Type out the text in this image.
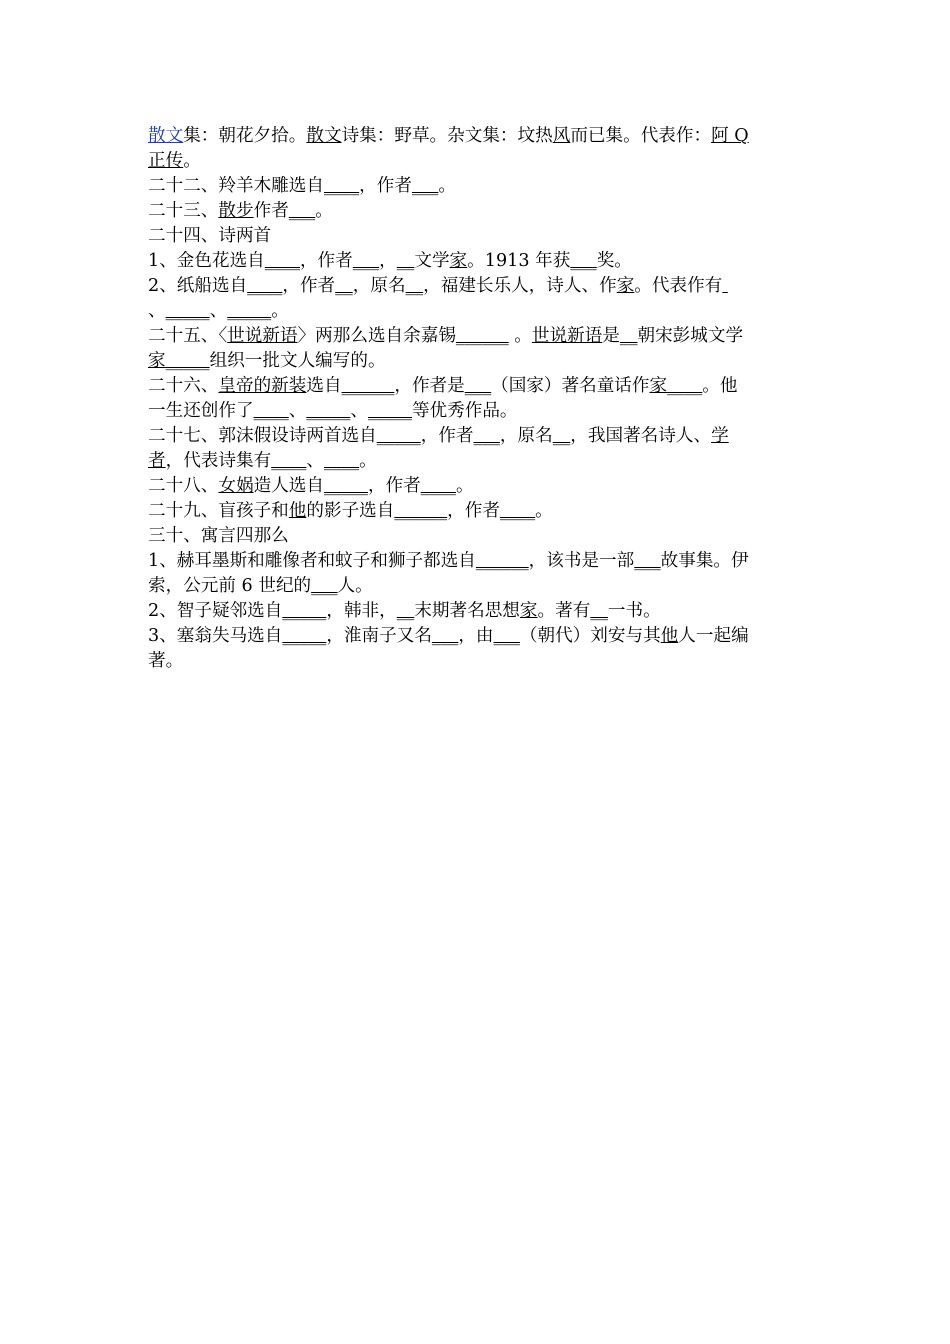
散文集：朝花夕拾。散文诗集：野草。杂文集：坟热风而已集。代表作：阿 Q
正传。
二十二、羚羊木雕选自____，作者___。
二十三、散步作者___。
二十四、诗两首
1、金色花选自____，作者___，__文学家。1913 年获___奖。
2、纸船选自____，作者__，原名__，福建长乐人，诗人、作家。代表作有
、_____、_____。
二十五、〈世说新语〉两那么选自余嘉锡______ 。世说新语是__朝宋彭城文学
家_____组织一批文人编写的。
二十六、皇帝的新装选自______，作者是___（国家）著名童话作家____。他
一生还创作了____、_____、_____等优秀作品。
二十七、郭沫假设诗两首选自_____，作者___，原名__，我国著名诗人、学
者，代表诗集有____、____。
二十八、女娲造人选自_____，作者____。
二十九、盲孩子和他的影子选自______，作者____。
三十、寓言四那么
1、赫耳墨斯和雕像者和蚊子和狮子都选自______，该书是一部___故事集。伊
索，公元前 6 世纪的___人。
2、智子疑邻选自_____，韩非，__末期著名思想家。著有__一书。
3、塞翁失马选自_____，淮南子又名___，由___（朝代）刘安与其他人一起编
著。
